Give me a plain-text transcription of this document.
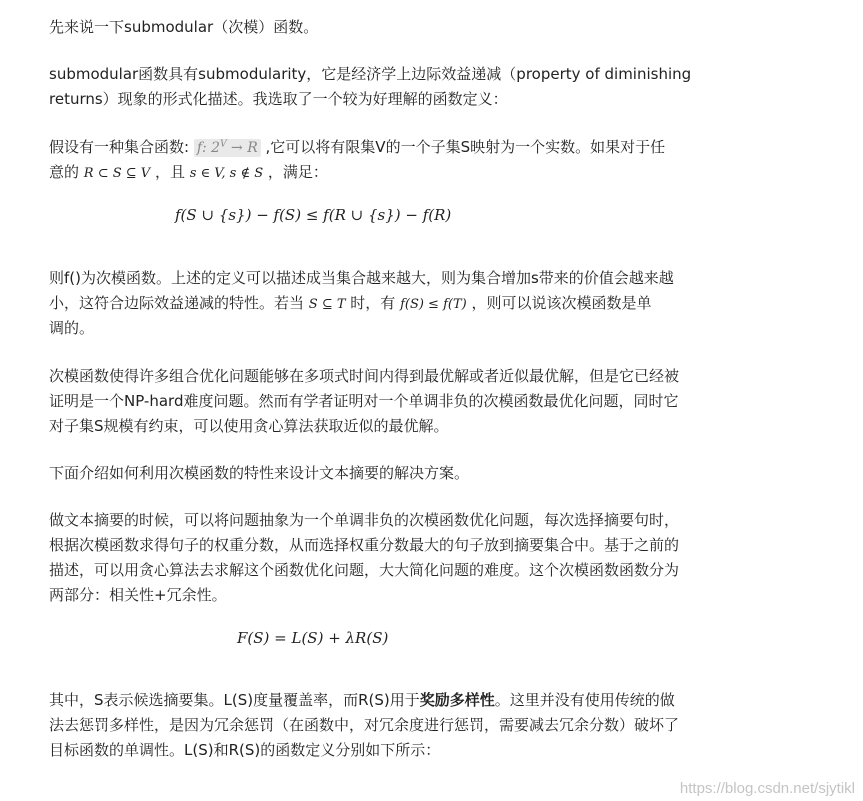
先来说一下submodular（次模）函数。

submodular函数具有submodularity，它是经济学上边际效益递减（property of diminishing
returns）现象的形式化描述。我选取了一个较为好理解的函数定义：

假设有一种集合函数: f: $2^V \to R$ ,它可以将有限集V的一个子集S映射为一个实数。如果对于任
意的 R ⊂ S ⊆ V ，且 s ∈ V, s ∉ S ，满足：

f(S ∪ {s}) − f(S) ≤ f(R ∪ {s}) − f(R)

则f()为次模函数。上述的定义可以描述成当集合越来越大，则为集合增加s带来的价值会越来越
小，这符合边际效益递减的特性。若当 S ⊆ T 时，有 f(S) ≤ f(T) ，则可以说该次模函数是单
调的。

次模函数使得许多组合优化问题能够在多项式时间内得到最优解或者近似最优解，但是它已经被
证明是一个NP-hard难度问题。然而有学者证明对一个单调非负的次模函数最优化问题，同时它
对子集S规模有约束，可以使用贪心算法获取近似的最优解。

下面介绍如何利用次模函数的特性来设计文本摘要的解决方案。

做文本摘要的时候，可以将问题抽象为一个单调非负的次模函数优化问题，每次选择摘要句时，
根据次模函数求得句子的权重分数，从而选择权重分数最大的句子放到摘要集合中。基于之前的
描述，可以用贪心算法去求解这个函数优化问题，大大简化问题的难度。这个次模函数函数分为
两部分：相关性+冗余性。

F(S) = L(S) + λR(S)

其中，S表示候选摘要集。L(S)度量覆盖率，而R(S)用于奖励多样性。这里并没有使用传统的做
法去惩罚多样性，是因为冗余惩罚（在函数中，对冗余度进行惩罚，需要减去冗余分数）破坏了
目标函数的单调性。L(S)和R(S)的函数定义分别如下所示：

https://blog.csdn.net/sjytikl
